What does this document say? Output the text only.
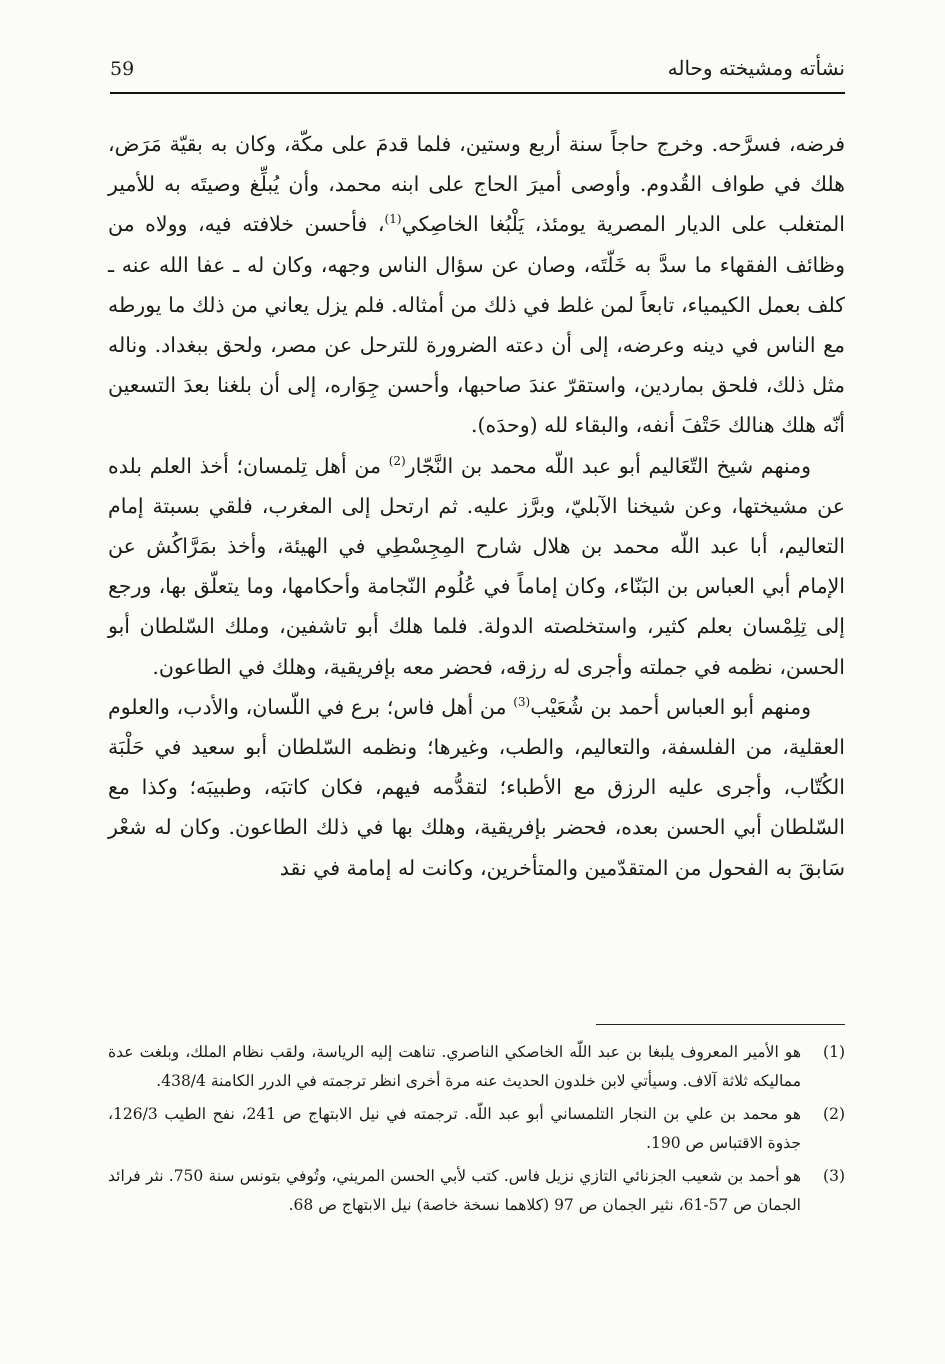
59	نشأته ومشيخته وحاله

فرضه، فسرَّحه. وخرج حاجاً سنة أربع وستين، فلما قدمَ على مكّة، وكان به بقيّة مَرَض، هلك في طواف القُدوم. وأوصى أميرَ الحاج على ابنه محمد، وأن يُبلِّغ وصيتَه به للأمير المتغلب على الديار المصرية يومئذ، يَلْبُغا الخاصِكي$^{(1)}$، فأحسن خلافته فيه، وولاه من وظائف الفقهاء ما سدَّ به خَلّتَه، وصان عن سؤال الناس وجهه، وكان له ـ عفا الله عنه ـ كلف بعمل الكيمياء، تابعاً لمن غلط في ذلك من أمثاله. فلم يزل يعاني من ذلك ما يورطه مع الناس في دينه وعرضه، إلى أن دعته الضرورة للترحل عن مصر، ولحق ببغداد. وناله مثل ذلك، فلحق بماردين، واستقرّ عندَ صاحبها، وأحسن جِوَاره، إلى أن بلغنا بعدَ التسعين أنّه هلك هنالك حَتْفَ أنفه، والبقاء لله (وحدَه).

ومنهم شيخ التّعَاليم أبو عبد اللّه محمد بن النَّجّار$^{(2)}$ من أهل تِلمسان؛ أخذ العلم بلده عن مشيختها، وعن شيخنا الآبليّ، وبرَّز عليه. ثم ارتحل إلى المغرب، فلقي بسبتة إمام التعاليم، أبا عبد اللّه محمد بن هلال شارح المِجِسْطِي في الهيئة، وأخذ بمَرَّاكُش عن الإمام أبي العباس بن البَنّاء، وكان إماماً في عُلُوم النّجامة وأحكامها، وما يتعلّق بها، ورجع إلى تِلِمْسان بعلم كثير، واستخلصته الدولة. فلما هلك أبو تاشفين، وملك السّلطان أبو الحسن، نظمه في جملته وأجرى له رزقه، فحضر معه بإفريقية، وهلك في الطاعون.

ومنهم أبو العباس أحمد بن شُعَيْب$^{(3)}$ من أهل فاس؛ برع في اللّسان، والأدب، والعلوم العقلية، من الفلسفة، والتعاليم، والطب، وغيرها؛ ونظمه السّلطان أبو سعيد في حَلْبَة الكُتّاب، وأجرى عليه الرزق مع الأطباء؛ لتقدُّمه فيهم، فكان كاتبَه، وطبيبَه؛ وكذا مع السّلطان أبي الحسن بعده، فحضر بإفريقية، وهلك بها في ذلك الطاعون. وكان له شعْر سَابقَ به الفحول من المتقدّمين والمتأخرين، وكانت له إمامة في نقد

(1)
هو الأمير المعروف يلبغا بن عبد اللّه الخاصكي الناصري. تناهت إليه الرياسة، ولقب نظام الملك، وبلغت عدة مماليكه ثلاثة آلاف. وسيأتي لابن خلدون الحديث عنه مرة أخرى انظر ترجمته في الدرر الكامنة 438/4.
(2)
هو محمد بن علي بن النجار التلمساني أبو عبد اللّه. ترجمته في نيل الابتهاج ص 241، نفح الطيب 126/3، جذوة الاقتباس ص 190.
(3)
هو أحمد بن شعيب الجزنائي التازي نزيل فاس. كتب لأبي الحسن المريني، وتُوفي بتونس سنة 750. نثر فرائد الجمان ص 57-61، نثير الجمان ص 97 (كلاهما نسخة خاصة) نيل الابتهاج ص 68.
